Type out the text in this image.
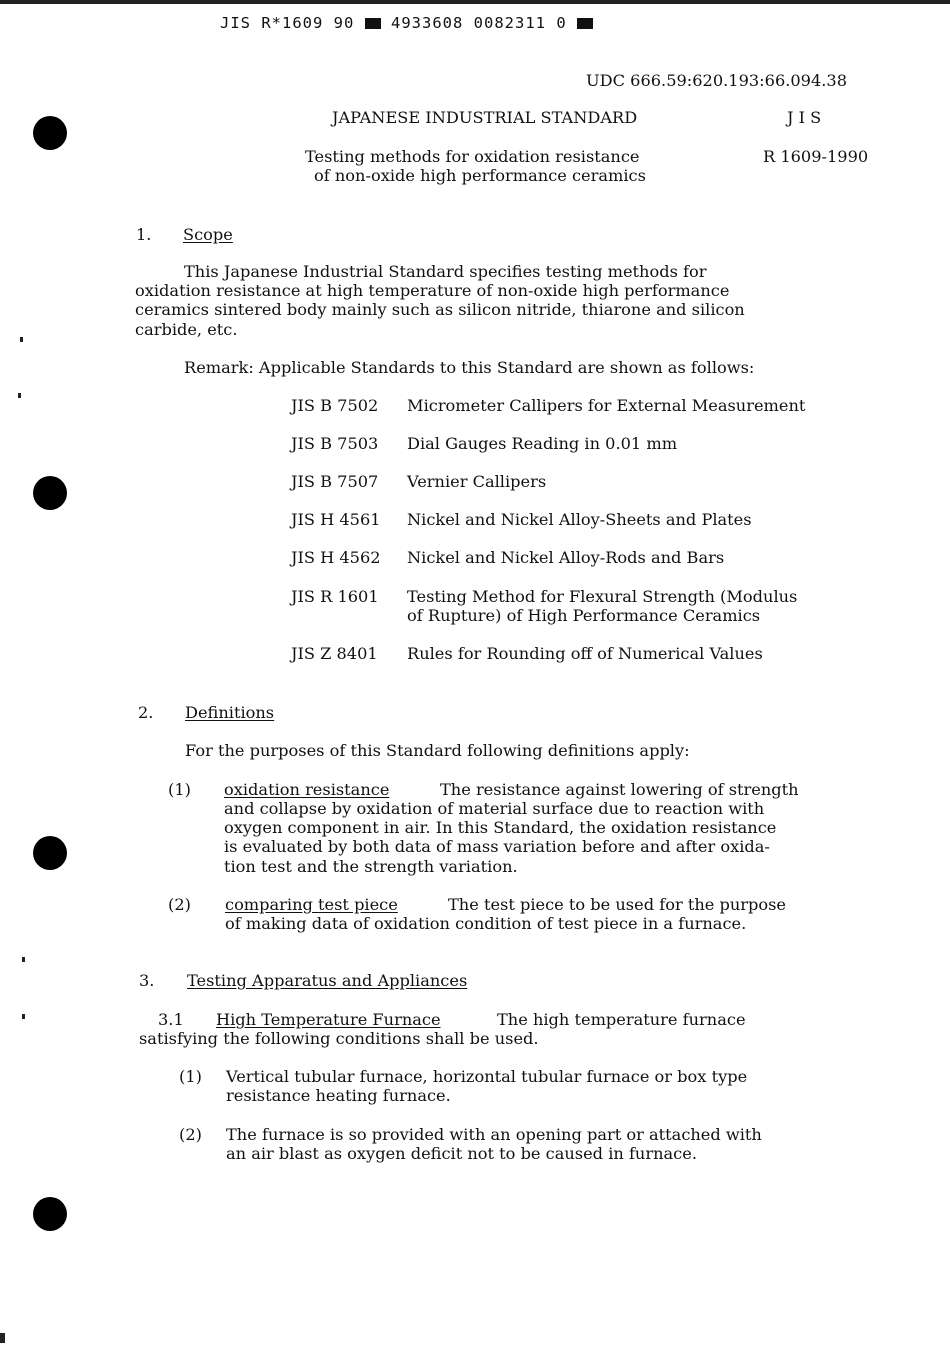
JIS R*1609 90 4933608 0082311 0
UDC 666.59:620.193:66.094.38
JAPANESE INDUSTRIAL STANDARD	J I S
Testing methods for oxidation resistance
of non-oxide high performance ceramics
R 1609-1990
1. Scope
This Japanese Industrial Standard specifies testing methods for
oxidation resistance at high temperature of non-oxide high performance
ceramics sintered body mainly such as silicon nitride, thiarone and silicon
carbide, etc.
Remark: Applicable Standards to this Standard are shown as follows:
JIS B 7502	Micrometer Callipers for External Measurement
JIS B 7503	Dial Gauges Reading in 0.01 mm
JIS B 7507	Vernier Callipers
JIS H 4561	Nickel and Nickel Alloy-Sheets and Plates
JIS H 4562	Nickel and Nickel Alloy-Rods and Bars
JIS R 1601	Testing Method for Flexural Strength (Modulus
of Rupture) of High Performance Ceramics
JIS Z 8401	Rules for Rounding off of Numerical Values
2. Definitions
For the purposes of this Standard following definitions apply:
(1) oxidation resistance	The resistance against lowering of strength
and collapse by oxidation of material surface due to reaction with
oxygen component in air. In this Standard, the oxidation resistance
is evaluated by both data of mass variation before and after oxida-
tion test and the strength variation.
(2) comparing test piece	The test piece to be used for the purpose
of making data of oxidation condition of test piece in a furnace.
3. Testing Apparatus and Appliances
3.1 High Temperature Furnace	The high temperature furnace
satisfying the following conditions shall be used.
(1) Vertical tubular furnace, horizontal tubular furnace or box type
resistance heating furnace.
(2) The furnace is so provided with an opening part or attached with
an air blast as oxygen deficit not to be caused in furnace.
